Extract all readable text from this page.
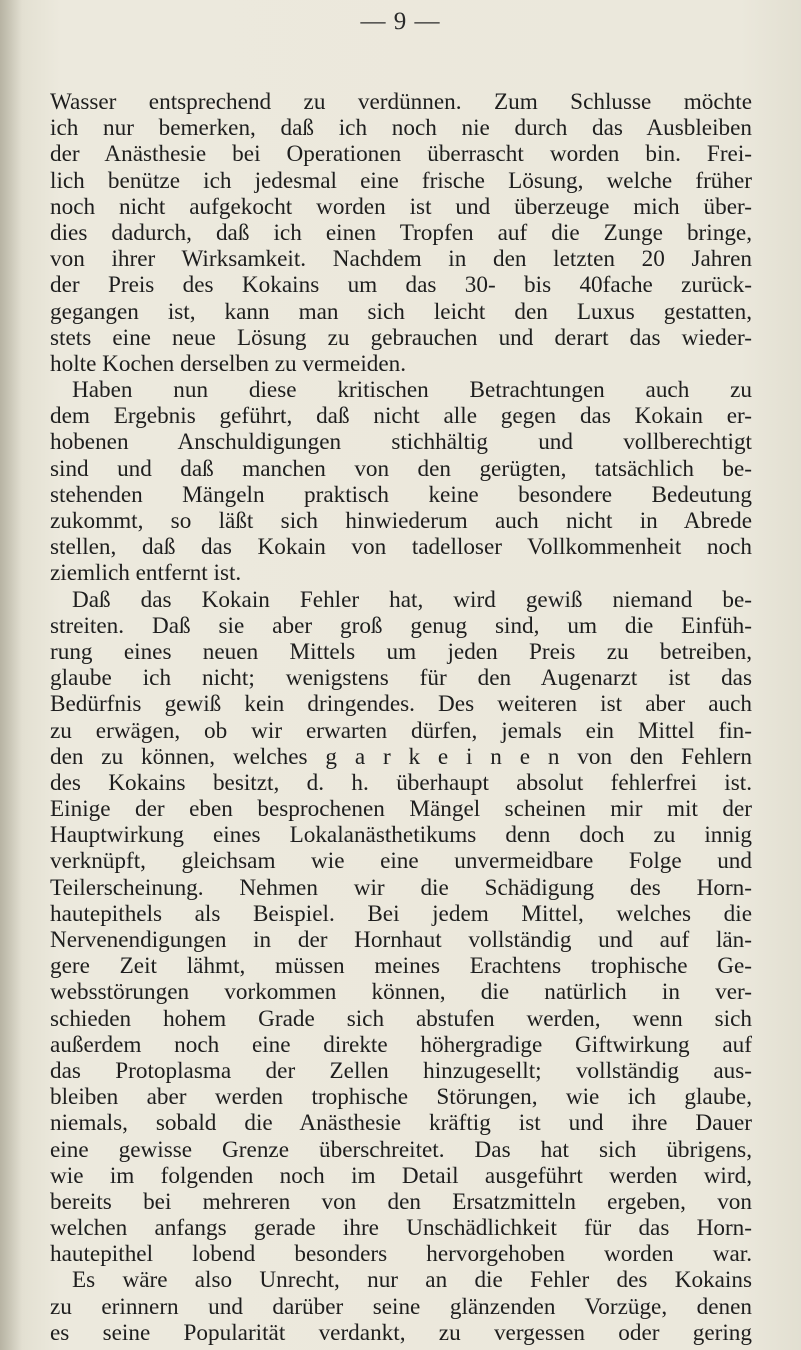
— 9 —
Wasser entsprechend zu verdünnen. Zum Schlusse möchte
ich nur bemerken, daß ich noch nie durch das Ausbleiben
der Anästhesie bei Operationen überrascht worden bin. Frei-
lich benütze ich jedesmal eine frische Lösung, welche früher
noch nicht aufgekocht worden ist und überzeuge mich über-
dies dadurch, daß ich einen Tropfen auf die Zunge bringe,
von ihrer Wirksamkeit. Nachdem in den letzten 20 Jahren
der Preis des Kokains um das 30- bis 40fache zurück-
gegangen ist, kann man sich leicht den Luxus gestatten,
stets eine neue Lösung zu gebrauchen und derart das wieder-
holte Kochen derselben zu vermeiden.
Haben nun diese kritischen Betrachtungen auch zu
dem Ergebnis geführt, daß nicht alle gegen das Kokain er-
hobenen Anschuldigungen stichhältig und vollberechtigt
sind und daß manchen von den gerügten, tatsächlich be-
stehenden Mängeln praktisch keine besondere Bedeutung
zukommt, so läßt sich hinwiederum auch nicht in Abrede
stellen, daß das Kokain von tadelloser Vollkommenheit noch
ziemlich entfernt ist.
Daß das Kokain Fehler hat, wird gewiß niemand be-
streiten. Daß sie aber groß genug sind, um die Einfüh-
rung eines neuen Mittels um jeden Preis zu betreiben,
glaube ich nicht; wenigstens für den Augenarzt ist das
Bedürfnis gewiß kein dringendes. Des weiteren ist aber auch
zu erwägen, ob wir erwarten dürfen, jemals ein Mittel fin-
den zu können, welches g a r k e i n e n von den Fehlern
des Kokains besitzt, d. h. überhaupt absolut fehlerfrei ist.
Einige der eben besprochenen Mängel scheinen mir mit der
Hauptwirkung eines Lokalanästhetikums denn doch zu innig
verknüpft, gleichsam wie eine unvermeidbare Folge und
Teilerscheinung. Nehmen wir die Schädigung des Horn-
hautepithels als Beispiel. Bei jedem Mittel, welches die
Nervenendigungen in der Hornhaut vollständig und auf län-
gere Zeit lähmt, müssen meines Erachtens trophische Ge-
websstörungen vorkommen können, die natürlich in ver-
schieden hohem Grade sich abstufen werden, wenn sich
außerdem noch eine direkte höhergradige Giftwirkung auf
das Protoplasma der Zellen hinzugesellt; vollständig aus-
bleiben aber werden trophische Störungen, wie ich glaube,
niemals, sobald die Anästhesie kräftig ist und ihre Dauer
eine gewisse Grenze überschreitet. Das hat sich übrigens,
wie im folgenden noch im Detail ausgeführt werden wird,
bereits bei mehreren von den Ersatzmitteln ergeben, von
welchen anfangs gerade ihre Unschädlichkeit für das Horn-
hautepithel lobend besonders hervorgehoben worden war.
Es wäre also Unrecht, nur an die Fehler des Kokains
zu erinnern und darüber seine glänzenden Vorzüge, denen
es seine Popularität verdankt, zu vergessen oder gering
